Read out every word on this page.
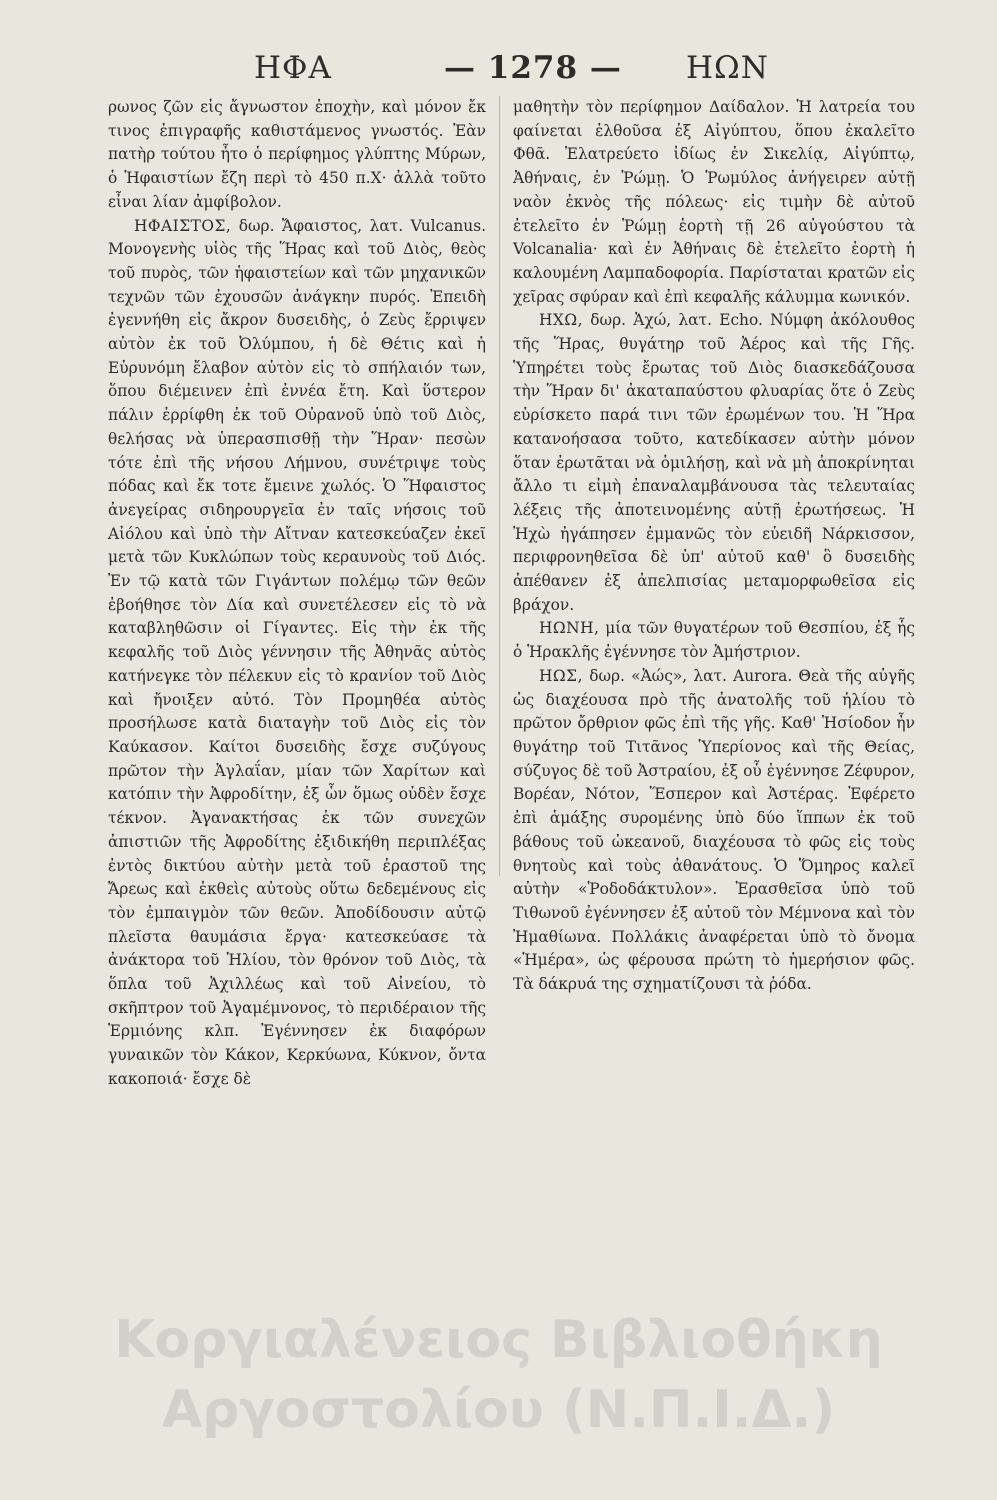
ΗΦΑ	— 1278 — ΗΩΝ

ρωνος ζῶν εἰς ἄγνωστον ἐποχὴν, καὶ μόνον ἔκ τινος ἐπιγραφῆς καθιστάμενος γνωστός. Ἐὰν πατὴρ τούτου ἦτο ὁ περίφημος γλύπτης Μύρων, ὁ Ἡφαιστίων ἔζη περὶ τὸ 450 π.Χ· ἀλλὰ τοῦτο εἶναι λίαν ἀμφίβολον.

ΗΦΑΙΣΤΟΣ, δωρ. Ἄφαιστος, λατ. Vulcanus. Μονογενὴς υἱὸς τῆς Ἥρας καὶ τοῦ Διὸς, θεὸς τοῦ πυρὸς, τῶν ἡφαιστείων καὶ τῶν μηχανικῶν τεχνῶν τῶν ἐχουσῶν ἀνάγκην πυρός. Ἐπειδὴ ἐγεννήθη εἰς ἄκρον δυσειδὴς, ὁ Ζεὺς ἔρριψεν αὐτὸν ἐκ τοῦ Ὀλύμπου, ἡ δὲ Θέτις καὶ ἡ Εὐρυνόμη ἔλαβον αὐτὸν εἰς τὸ σπήλαιόν των, ὅπου διέμεινεν ἐπὶ ἐννέα ἔτη. Καὶ ὕστερον πάλιν ἐρρίφθη ἐκ τοῦ Οὐρανοῦ ὑπὸ τοῦ Διὸς, θελήσας νὰ ὑπερασπισθῇ τὴν Ἥραν· πεσὼν τότε ἐπὶ τῆς νήσου Λήμνου, συνέτριψε τοὺς πόδας καὶ ἔκ τοτε ἔμεινε χωλός. Ὁ Ἥφαιστος ἀνεγείρας σιδηρουργεῖα ἐν ταῖς νήσοις τοῦ Αἰόλου καὶ ὑπὸ τὴν Αἴτναν κατεσκεύαζεν ἐκεῖ μετὰ τῶν Κυκλώπων τοὺς κεραυνοὺς τοῦ Διός. Ἐν τῷ κατὰ τῶν Γιγάντων πολέμῳ τῶν θεῶν ἐβοήθησε τὸν Δία καὶ συνετέλεσεν εἰς τὸ νὰ καταβληθῶσιν οἱ Γίγαντες. Εἰς τὴν ἐκ τῆς κεφαλῆς τοῦ Διὸς γέννησιν τῆς Ἀθηνᾶς αὐτὸς κατήνεγκε τὸν πέλεκυν εἰς τὸ κρανίον τοῦ Διὸς καὶ ἤνοιξεν αὐτό. Τὸν Προμηθέα αὐτὸς προσήλωσε κατὰ διαταγὴν τοῦ Διὸς εἰς τὸν Καύκασον. Καίτοι δυσειδὴς ἔσχε συζύγους πρῶτον τὴν Ἀγλαΐαν, μίαν τῶν Χαρίτων καὶ κατόπιν τὴν Ἀφροδίτην, ἐξ ὧν ὅμως οὐδὲν ἔσχε τέκνον. Ἀγανακτήσας ἐκ τῶν συνεχῶν ἀπιστιῶν τῆς Ἀφροδίτης ἐξιδικήθη περιπλέξας ἐντὸς δικτύου αὐτὴν μετὰ τοῦ ἐραστοῦ της Ἄρεως καὶ ἐκθεὶς αὐτοὺς οὕτω δεδεμένους εἰς τὸν ἐμπαιγμὸν τῶν θεῶν. Ἀποδίδουσιν αὐτῷ πλεῖστα θαυμάσια ἔργα· κατεσκεύασε τὰ ἀνάκτορα τοῦ Ἡλίου, τὸν θρόνον τοῦ Διὸς, τὰ ὅπλα τοῦ Ἀχιλλέως καὶ τοῦ Αἰνείου, τὸ σκῆπτρον τοῦ Ἀγαμέμνονος, τὸ περιδέραιον τῆς Ἑρμιόνης κλπ. Ἐγέννησεν ἐκ διαφόρων γυναικῶν τὸν Κάκον, Κερκύωνα, Κύκνον, ὄντα κακοποιά· ἔσχε δὲ

μαθητὴν τὸν περίφημον Δαίδαλον. Ἡ λατρεία του φαίνεται ἐλθοῦσα ἐξ Αἰγύπτου, ὅπου ἐκαλεῖτο Φθᾶ. Ἐλατρεύετο ἰδίως ἐν Σικελίᾳ, Αἰγύπτῳ, Ἀθήναις, ἐν Ῥώμῃ. Ὁ Ῥωμύλος ἀνήγειρεν αὐτῇ ναὸν ἐκνὸς τῆς πόλεως· εἰς τιμὴν δὲ αὐτοῦ ἐτελεῖτο ἐν Ῥώμῃ ἑορτὴ τῇ 26 αὐγούστου τὰ Volcanalia· καὶ ἐν Ἀθήναις δὲ ἐτελεῖτο ἑορτὴ ἡ καλουμένη Λαμπαδοφορία. Παρίσταται κρατῶν εἰς χεῖρας σφύραν καὶ ἐπὶ κεφαλῆς κάλυμμα κωνικόν.

ΗΧΩ, δωρ. Ἀχώ, λατ. Echo. Νύμφη ἀκόλουθος τῆς Ἥρας, θυγάτηρ τοῦ Ἀέρος καὶ τῆς Γῆς. Ὑπηρέτει τοὺς ἔρωτας τοῦ Διὸς διασκεδάζουσα τὴν Ἥραν δι' ἀκαταπαύστου φλυαρίας ὅτε ὁ Ζεὺς εὑρίσκετο παρά τινι τῶν ἐρωμένων του. Ἡ Ἥρα κατανοήσασα τοῦτο, κατεδίκασεν αὐτὴν μόνον ὅταν ἐρωτᾶται νὰ ὁμιλήσῃ, καὶ νὰ μὴ ἀποκρίνηται ἄλλο τι εἰμὴ ἐπαναλαμβάνουσα τὰς τελευταίας λέξεις τῆς ἀποτεινομένης αὐτῇ ἐρωτήσεως. Ἡ Ἠχὼ ἠγάπησεν ἐμμανῶς τὸν εὐειδῆ Νάρκισσον, περιφρονηθεῖσα δὲ ὑπ' αὐτοῦ καθ' ὃ δυσειδὴς ἀπέθανεν ἐξ ἀπελπισίας μεταμορφωθεῖσα εἰς βράχον.

ΗΩΝΗ, μία τῶν θυγατέρων τοῦ Θεσπίου, ἐξ ἧς ὁ Ἡρακλῆς ἐγέννησε τὸν Ἀμήστριον.

ΗΩΣ, δωρ. «Ἀώς», λατ. Aurora. Θεὰ τῆς αὐγῆς ὡς διαχέουσα πρὸ τῆς ἀνατολῆς τοῦ ἡλίου τὸ πρῶτον ὄρθριον φῶς ἐπὶ τῆς γῆς. Καθ' Ἡσίοδον ἦν θυγάτηρ τοῦ Τιτᾶνος Ὑπερίονος καὶ τῆς Θείας, σύζυγος δὲ τοῦ Ἀστραίου, ἐξ οὗ ἐγέννησε Ζέφυρον, Βορέαν, Νότον, Ἕσπερον καὶ Ἀστέρας. Ἐφέρετο ἐπὶ ἁμάξης συρομένης ὑπὸ δύο ἵππων ἐκ τοῦ βάθους τοῦ ὠκεανοῦ, διαχέουσα τὸ φῶς εἰς τοὺς θνητοὺς καὶ τοὺς ἀθανάτους. Ὁ Ὅμηρος καλεῖ αὐτὴν «Ῥοδοδάκτυλον». Ἐρασθεῖσα ὑπὸ τοῦ Τιθωνοῦ ἐγέννησεν ἐξ αὐτοῦ τὸν Μέμνονα καὶ τὸν Ἠμαθίωνα. Πολλάκις ἀναφέρεται ὑπὸ τὸ ὄνομα «Ἡμέρα», ὡς φέρουσα πρώτη τὸ ἡμερήσιον φῶς. Τὰ δάκρυά της σχηματίζουσι τὰ ῥόδα.

Κοργιαλένειος Βιβλιοθήκη
Αργοστολίου (Ν.Π.Ι.Δ.)
